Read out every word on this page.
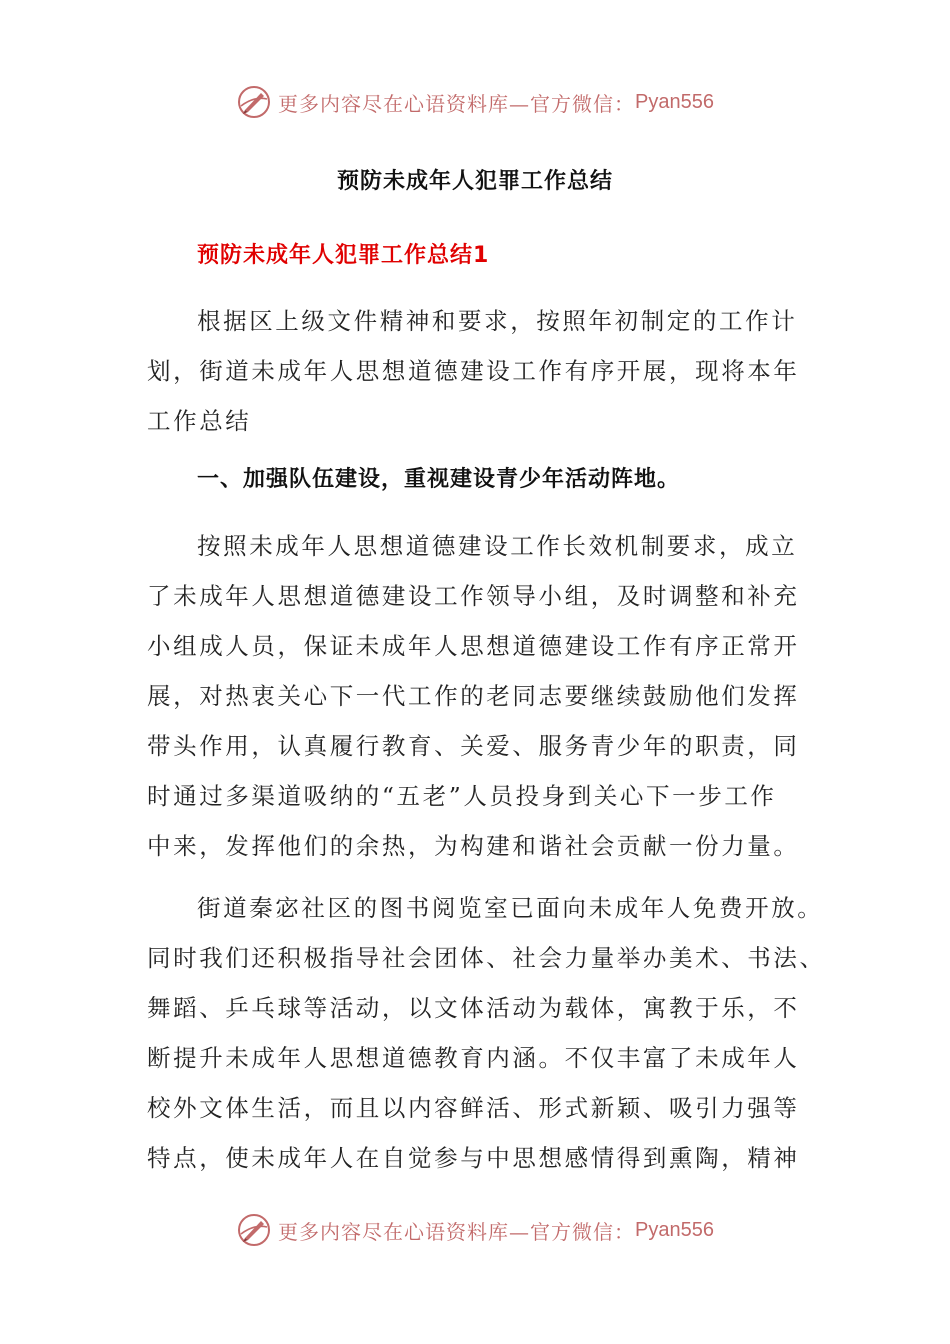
更多内容尽在心语资料库—官方微信： Pyan556
预防未成年人犯罪工作总结
预防未成年人犯罪工作总结1

根据区上级文件精神和要求，按照年初制定的工作计
划，街道未成年人思想道德建设工作有序开展，现将本年
工作总结

一、加强队伍建设，重视建设青少年活动阵地。

按照未成年人思想道德建设工作长效机制要求，成立
了未成年人思想道德建设工作领导小组，及时调整和补充
小组成人员，保证未成年人思想道德建设工作有序正常开
展，对热衷关心下一代工作的老同志要继续鼓励他们发挥
带头作用，认真履行教育、关爱、服务青少年的职责，同
时通过多渠道吸纳的“五老”人员投身到关心下一步工作
中来，发挥他们的余热，为构建和谐社会贡献一份力量。

街道秦宓社区的图书阅览室已面向未成年人免费开放。
同时我们还积极指导社会团体、社会力量举办美术、书法、
舞蹈、乒乓球等活动，以文体活动为载体，寓教于乐，不
断提升未成年人思想道德教育内涵。不仅丰富了未成年人
校外文体生活，而且以内容鲜活、形式新颖、吸引力强等
特点，使未成年人在自觉参与中思想感情得到熏陶，精神

更多内容尽在心语资料库—官方微信： Pyan556
